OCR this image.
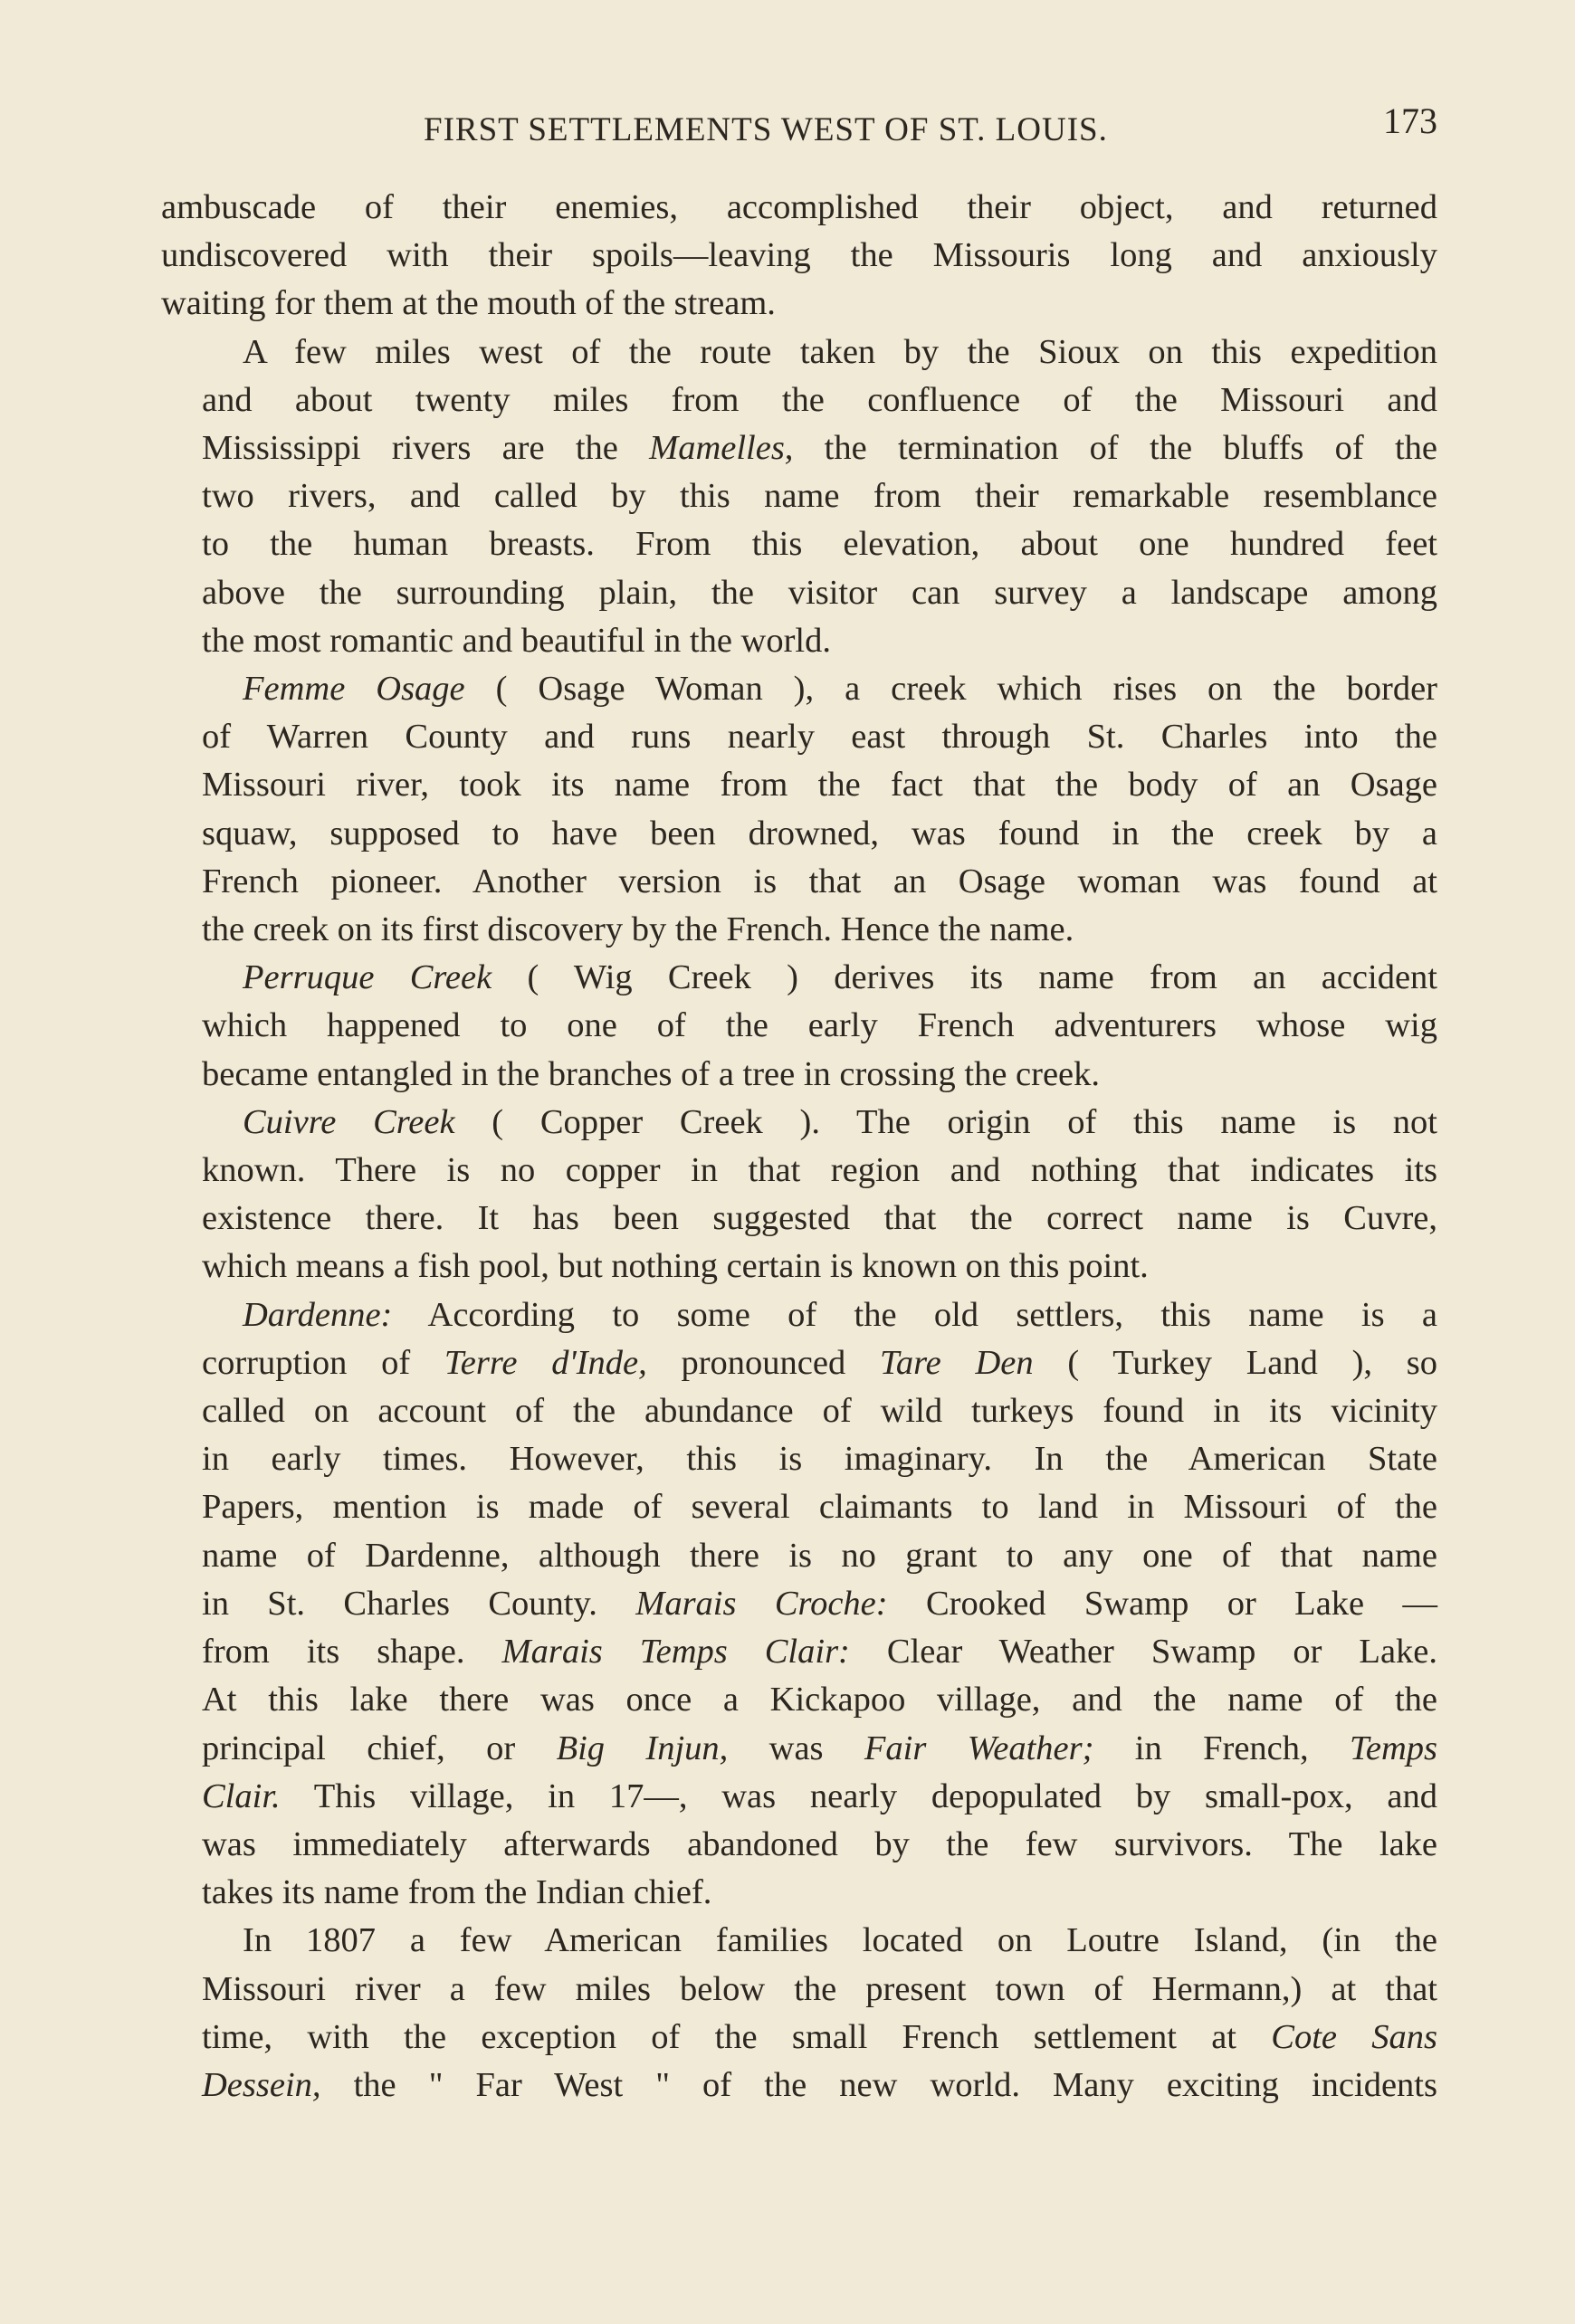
FIRST SETTLEMENTS WEST OF ST. LOUIS.	173
ambuscade of their enemies, accomplished their object, and returned
undiscovered with their spoils—leaving the Missouris long and anxiously
waiting for them at the mouth of the stream.
A few miles west of the route taken by the Sioux on this expedition
and about twenty miles from the confluence of the Missouri and
Mississippi rivers are the Mamelles, the termination of the bluffs of the
two rivers, and called by this name from their remarkable resemblance
to the human breasts. From this elevation, about one hundred feet
above the surrounding plain, the visitor can survey a landscape among
the most romantic and beautiful in the world.
Femme Osage ( Osage Woman ), a creek which rises on the border
of Warren County and runs nearly east through St. Charles into the
Missouri river, took its name from the fact that the body of an Osage
squaw, supposed to have been drowned, was found in the creek by a
French pioneer. Another version is that an Osage woman was found at
the creek on its first discovery by the French. Hence the name.
Perruque Creek ( Wig Creek ) derives its name from an accident
which happened to one of the early French adventurers whose wig
became entangled in the branches of a tree in crossing the creek.
Cuivre Creek ( Copper Creek ). The origin of this name is not
known. There is no copper in that region and nothing that indicates its
existence there. It has been suggested that the correct name is Cuvre,
which means a fish pool, but nothing certain is known on this point.
Dardenne: According to some of the old settlers, this name is a
corruption of Terre d'Inde, pronounced Tare Den ( Turkey Land ), so
called on account of the abundance of wild turkeys found in its vicinity
in early times. However, this is imaginary. In the American State
Papers, mention is made of several claimants to land in Missouri of the
name of Dardenne, although there is no grant to any one of that name
in St. Charles County. Marais Croche: Crooked Swamp or Lake —
from its shape. Marais Temps Clair: Clear Weather Swamp or Lake.
At this lake there was once a Kickapoo village, and the name of the
principal chief, or Big Injun, was Fair Weather; in French, Temps
Clair. This village, in 17—, was nearly depopulated by small-pox, and
was immediately afterwards abandoned by the few survivors. The lake
takes its name from the Indian chief.
In 1807 a few American families located on Loutre Island, (in the
Missouri river a few miles below the present town of Hermann,) at that
time, with the exception of the small French settlement at Cote Sans
Dessein, the " Far West " of the new world. Many exciting incidents
